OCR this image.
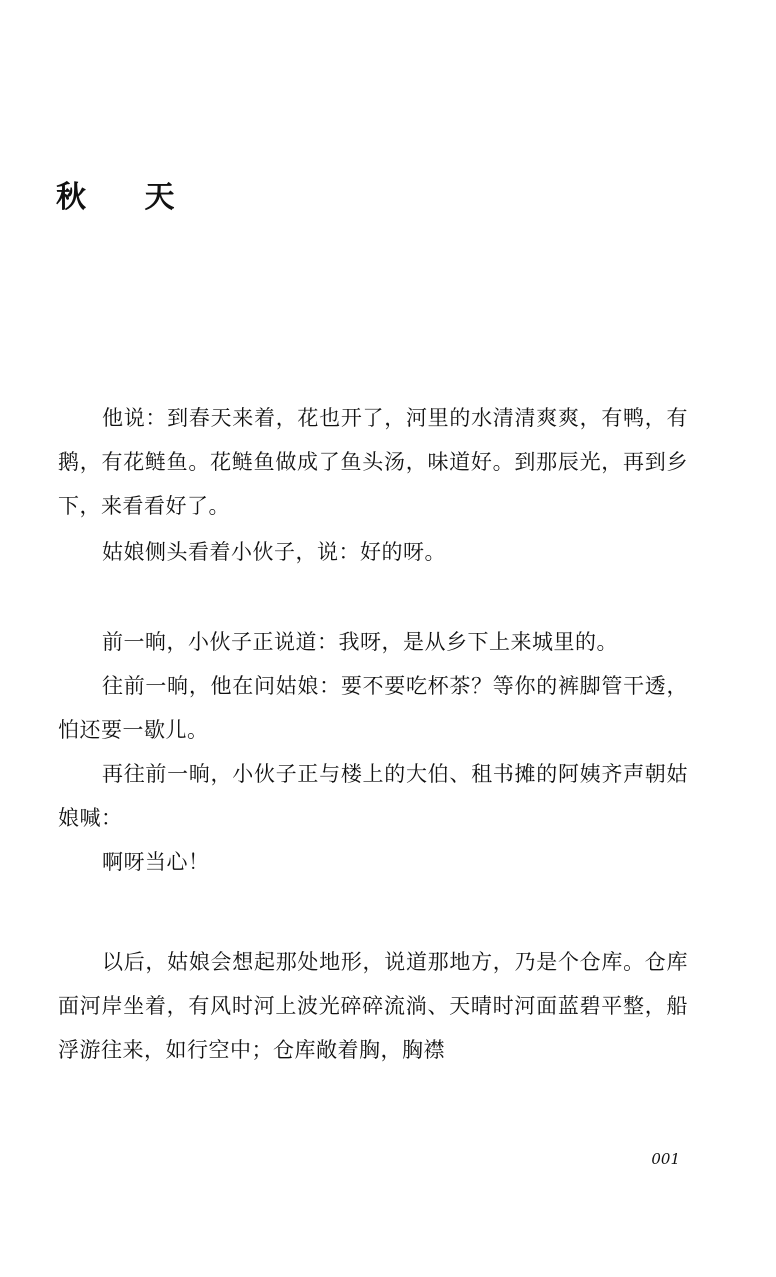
秋 天

他说：到春天来着，花也开了，河里的水清清爽爽，有鸭，有鹅，有花鲢鱼。花鲢鱼做成了鱼头汤，味道好。到那辰光，再到乡下，来看看好了。

姑娘侧头看着小伙子，说：好的呀。

前一晌，小伙子正说道：我呀，是从乡下上来城里的。

往前一晌，他在问姑娘：要不要吃杯茶？等你的裤脚管干透，怕还要一歇儿。

再往前一晌，小伙子正与楼上的大伯、租书摊的阿姨齐声朝姑娘喊：

啊呀当心！

以后，姑娘会想起那处地形，说道那地方，乃是个仓库。仓库面河岸坐着，有风时河上波光碎碎流淌、天晴时河面蓝碧平整，船浮游往来，如行空中；仓库敞着胸，胸襟

001
